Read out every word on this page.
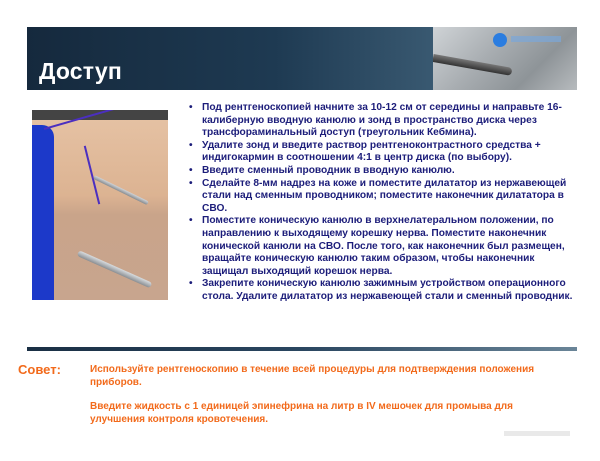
Доступ
• Под рентгеноскопией начните за 10-12 см от середины и направьте 16-калиберную вводную канюлю и зонд в пространство диска через трансфораминальный доступ (треугольник Кебмина).
• Удалите зонд и введите раствор рентгеноконтрастного средства + индигокармин в соотношении 4:1 в центр диска (по выбору).
• Введите сменный проводник в вводную канюлю.
• Сделайте 8-мм надрез на коже и поместите дилататор из нержавеющей стали над сменным проводником; поместите наконечник дилататора в СВО.
• Поместите коническую канюлю в верхнелатеральном положении, по направлению к выходящему корешку нерва. Поместите наконечник конической канюли на СВО. После того, как наконечник был размещен, вращайте коническую канюлю таким образом, чтобы наконечник защищал выходящий корешок нерва.
• Закрепите коническую канюлю зажимным устройством операционного стола. Удалите дилататор из нержавеющей стали и сменный проводник.
Совет:	Используйте рентгеноскопию в течение всей процедуры для подтверждения положения приборов.
Введите жидкость с 1 единицей эпинефрина на литр в IV мешочек для промыва для улучшения контроля кровотечения.
